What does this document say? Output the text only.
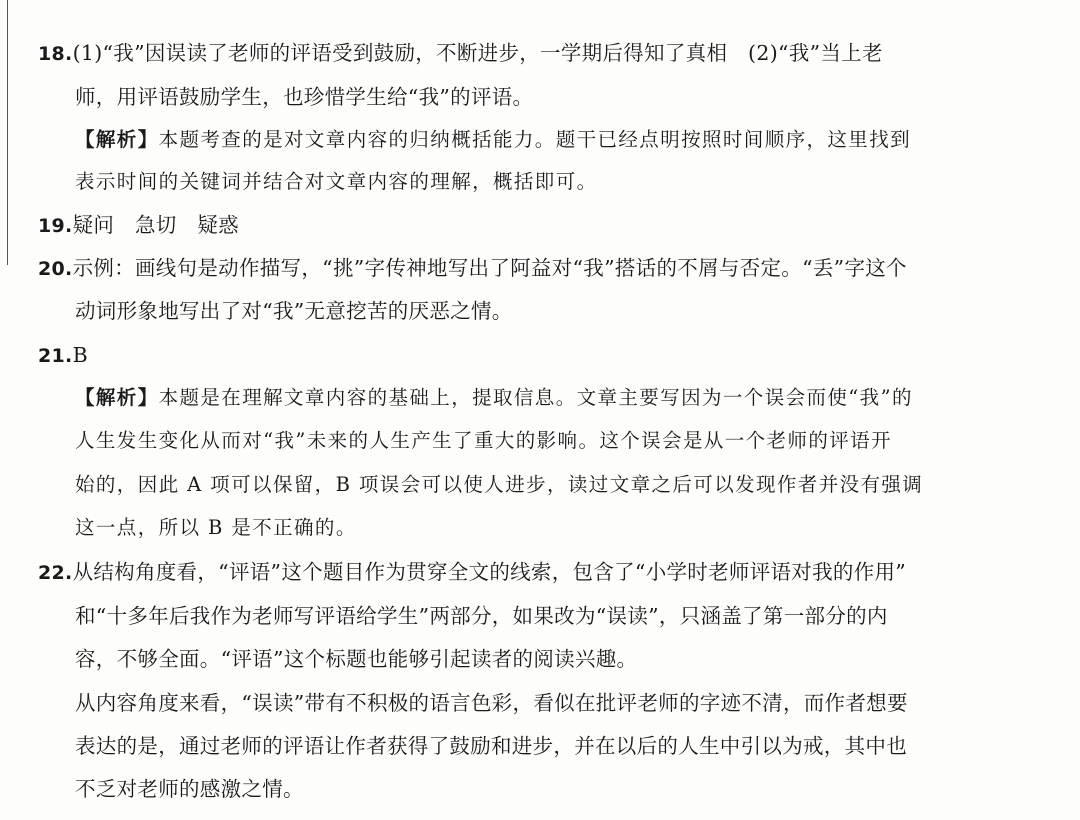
18.(1)“我”因误读了老师的评语受到鼓励，不断进步，一学期后得知了真相　(2)“我”当上老
师，用评语鼓励学生，也珍惜学生给“我”的评语。
【解析】本题考查的是对文章内容的归纳概括能力。题干已经点明按照时间顺序，这里找到
表示时间的关键词并结合对文章内容的理解，概括即可。
19.疑问　急切　疑惑
20.示例：画线句是动作描写，“挑”字传神地写出了阿益对“我”搭话的不屑与否定。“丢”字这个
动词形象地写出了对“我”无意挖苦的厌恶之情。
21.B
【解析】本题是在理解文章内容的基础上，提取信息。文章主要写因为一个误会而使“我”的
人生发生变化从而对“我”未来的人生产生了重大的影响。这个误会是从一个老师的评语开
始的，因此 A 项可以保留，B 项误会可以使人进步，读过文章之后可以发现作者并没有强调
这一点，所以 B 是不正确的。
22.从结构角度看，“评语”这个题目作为贯穿全文的线索，包含了“小学时老师评语对我的作用”
和“十多年后我作为老师写评语给学生”两部分，如果改为“误读”，只涵盖了第一部分的内
容，不够全面。“评语”这个标题也能够引起读者的阅读兴趣。
从内容角度来看，“误读”带有不积极的语言色彩，看似在批评老师的字迹不清，而作者想要
表达的是，通过老师的评语让作者获得了鼓励和进步，并在以后的人生中引以为戒，其中也
不乏对老师的感激之情。
